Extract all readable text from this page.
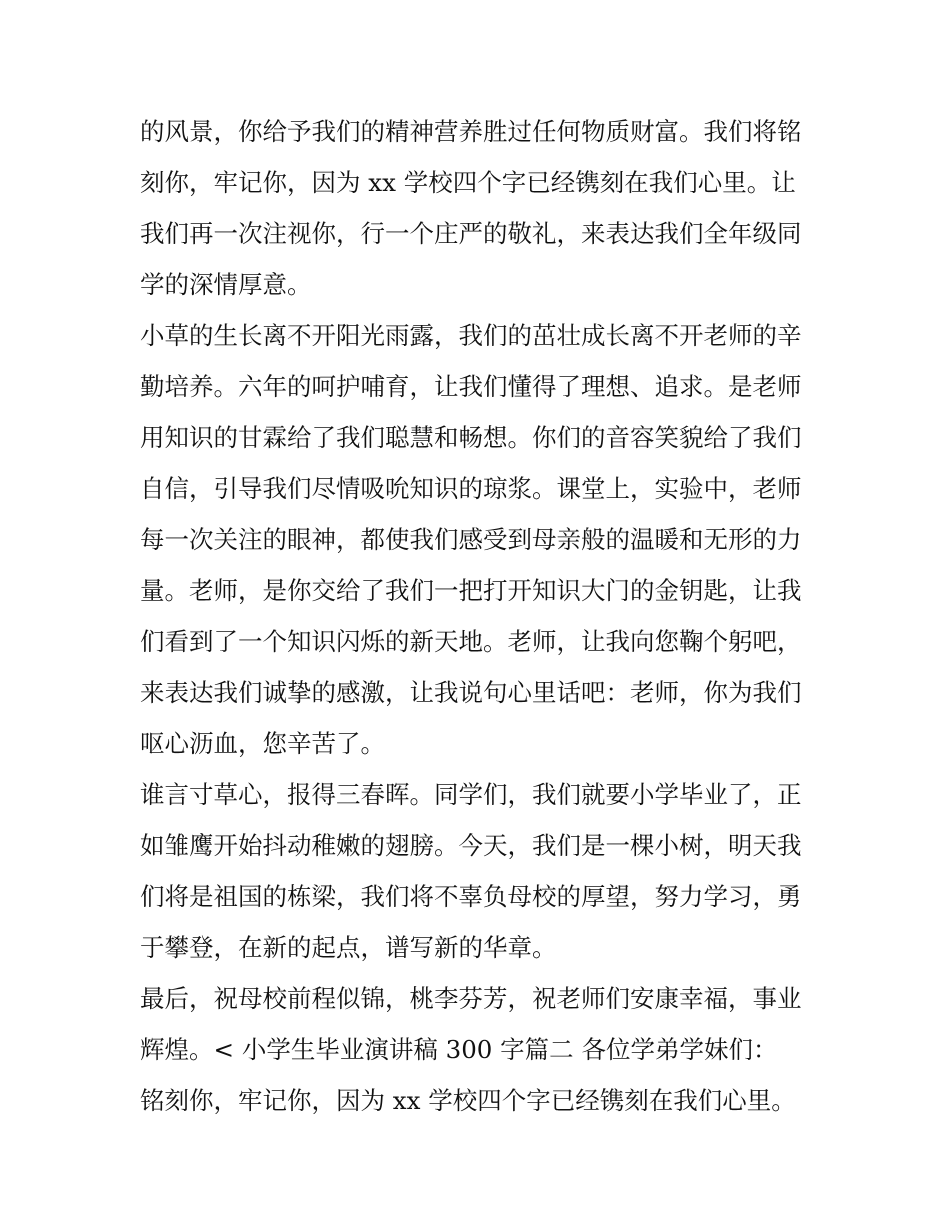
的风景，你给予我们的精神营养胜过任何物质财富。我们将铭
刻你，牢记你，因为 xx 学校四个字已经镌刻在我们心里。让
我们再一次注视你，行一个庄严的敬礼，来表达我们全年级同
学的深情厚意。
小草的生长离不开阳光雨露，我们的茁壮成长离不开老师的辛
勤培养。六年的呵护哺育，让我们懂得了理想、追求。是老师
用知识的甘霖给了我们聪慧和畅想。你们的音容笑貌给了我们
自信，引导我们尽情吸吮知识的琼浆。课堂上，实验中，老师
每一次关注的眼神，都使我们感受到母亲般的温暖和无形的力
量。老师，是你交给了我们一把打开知识大门的金钥匙，让我
们看到了一个知识闪烁的新天地。老师，让我向您鞠个躬吧，
来表达我们诚挚的感激，让我说句心里话吧：老师，你为我们
呕心沥血，您辛苦了。
谁言寸草心，报得三春晖。同学们，我们就要小学毕业了，正
如雏鹰开始抖动稚嫩的翅膀。今天，我们是一棵小树，明天我
们将是祖国的栋梁，我们将不辜负母校的厚望，努力学习，勇
于攀登，在新的起点，谱写新的华章。
最后，祝母校前程似锦，桃李芬芳，祝老师们安康幸福，事业
辉煌。< 小学生毕业演讲稿 300 字篇二 各位学弟学妹们：
铭刻你，牢记你，因为 xx 学校四个字已经镌刻在我们心里。
